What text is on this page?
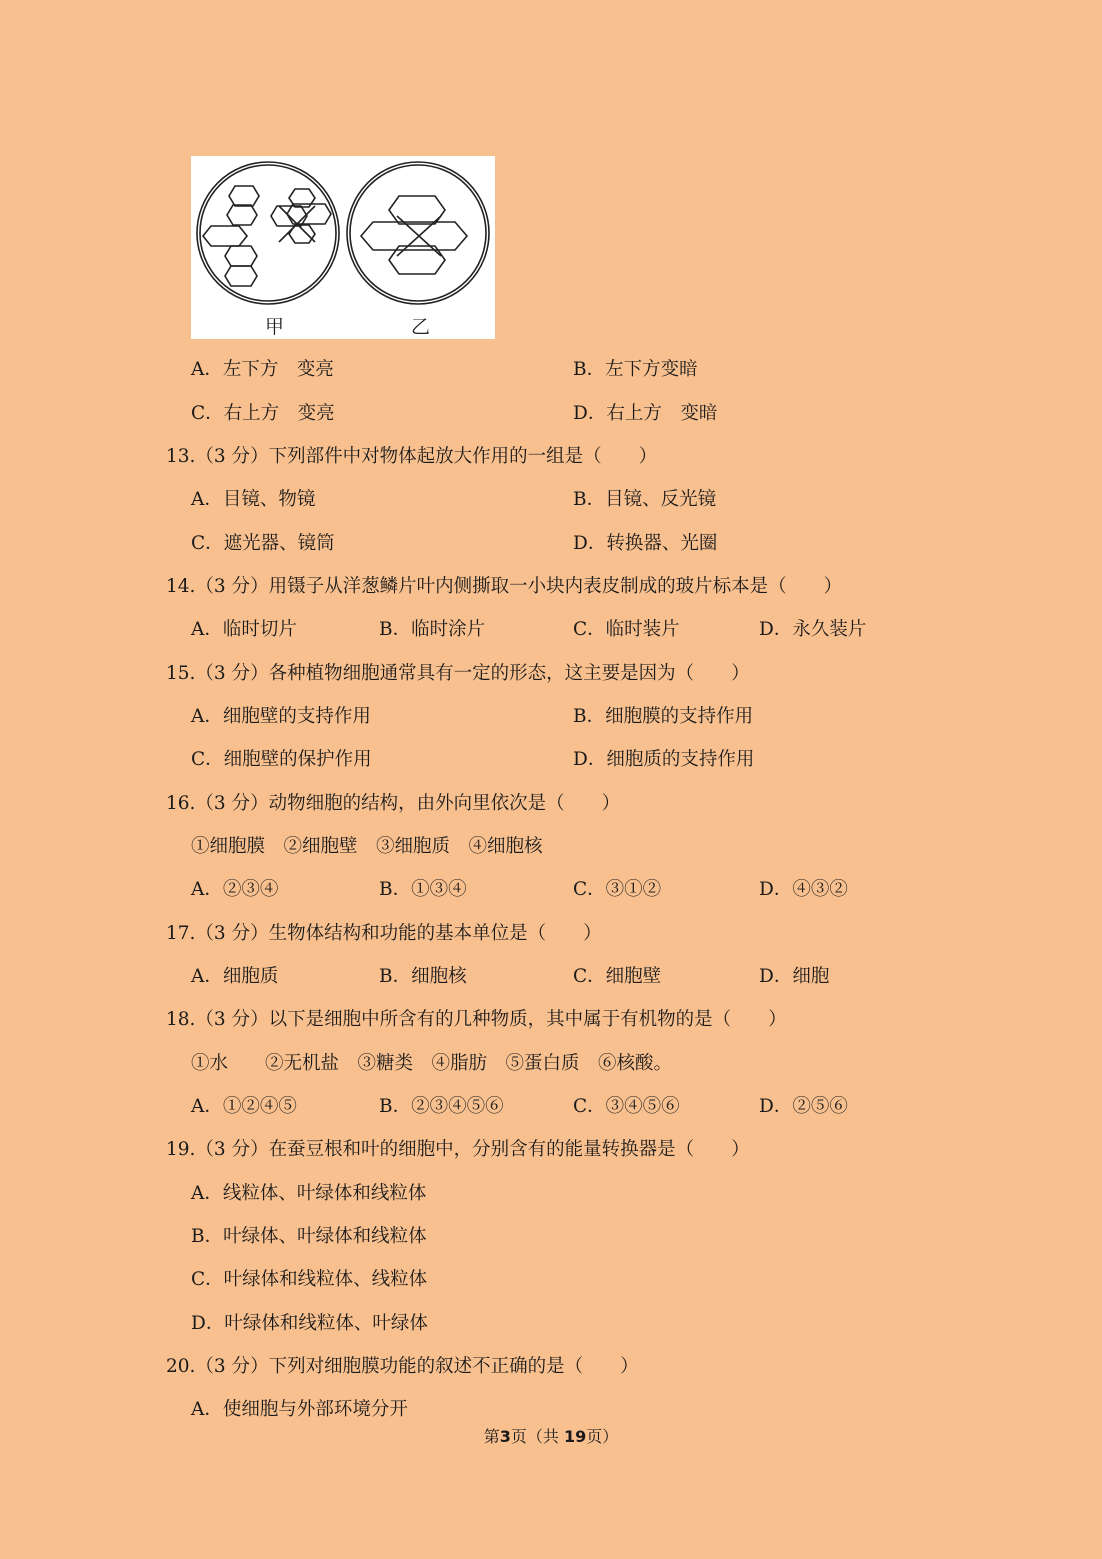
甲	乙
A．左下方　变亮	B．左下方变暗
C．右上方　变亮	D．右上方　变暗
13.（3 分）下列部件中对物体起放大作用的一组是（　　）
A．目镜、物镜	B．目镜、反光镜
C．遮光器、镜筒	D．转换器、光圈
14.（3 分）用镊子从洋葱鳞片叶内侧撕取一小块内表皮制成的玻片标本是（　　）
A．临时切片	B．临时涂片	C．临时装片	D．永久装片
15.（3 分）各种植物细胞通常具有一定的形态，这主要是因为（　　）
A．细胞壁的支持作用	B．细胞膜的支持作用
C．细胞壁的保护作用	D．细胞质的支持作用
16.（3 分）动物细胞的结构，由外向里依次是（　　）
①细胞膜　②细胞壁　③细胞质　④细胞核
A．②③④	B．①③④	C．③①②	D．④③②
17.（3 分）生物体结构和功能的基本单位是（　　）
A．细胞质	B．细胞核	C．细胞壁	D．细胞
18.（3 分）以下是细胞中所含有的几种物质，其中属于有机物的是（　　）
①水　　②无机盐　③糖类　④脂肪　⑤蛋白质　⑥核酸。
A．①②④⑤	B．②③④⑤⑥	C．③④⑤⑥	D．②⑤⑥
19.（3 分）在蚕豆根和叶的细胞中，分别含有的能量转换器是（　　）
A．线粒体、叶绿体和线粒体
B．叶绿体、叶绿体和线粒体
C．叶绿体和线粒体、线粒体
D．叶绿体和线粒体、叶绿体
20.（3 分）下列对细胞膜功能的叙述不正确的是（　　）
A．使细胞与外部环境分开
第3页（共 19页）
